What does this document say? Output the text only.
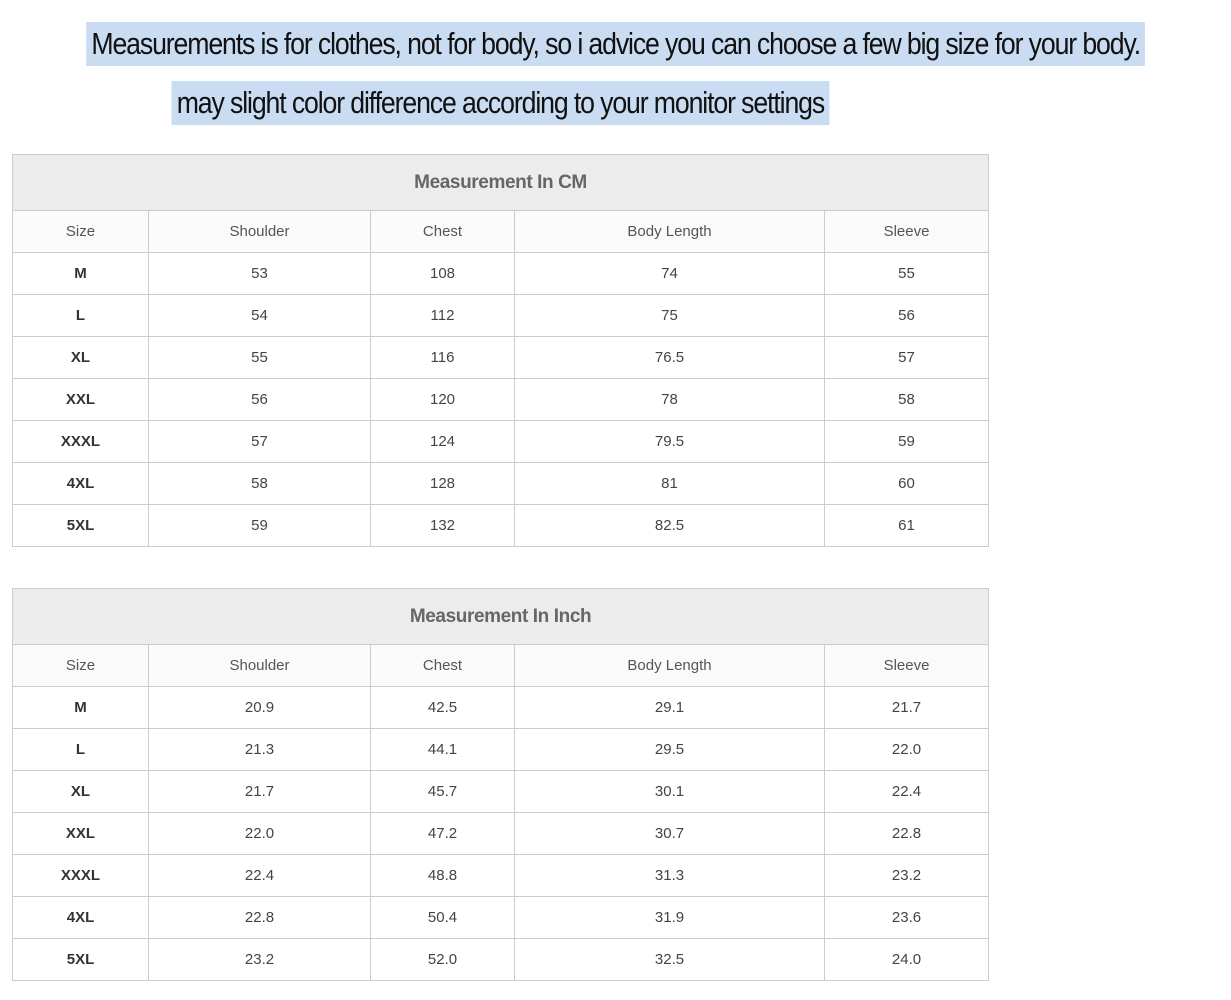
Measurements is for clothes, not for body, so i advice you can choose a few big size for your body.
may slight color difference according to your monitor settings
Measurement In CM				
Size	Shoulder	Chest	Body Length	Sleeve
M	53	108	74	55
L	54	112	75	56
XL	55	116	76.5	57
XXL	56	120	78	58
XXXL	57	124	79.5	59
4XL	58	128	81	60
5XL	59	132	82.5	61
Measurement In Inch				
Size	Shoulder	Chest	Body Length	Sleeve
M	20.9	42.5	29.1	21.7
L	21.3	44.1	29.5	22.0
XL	21.7	45.7	30.1	22.4
XXL	22.0	47.2	30.7	22.8
XXXL	22.4	48.8	31.3	23.2
4XL	22.8	50.4	31.9	23.6
5XL	23.2	52.0	32.5	24.0
